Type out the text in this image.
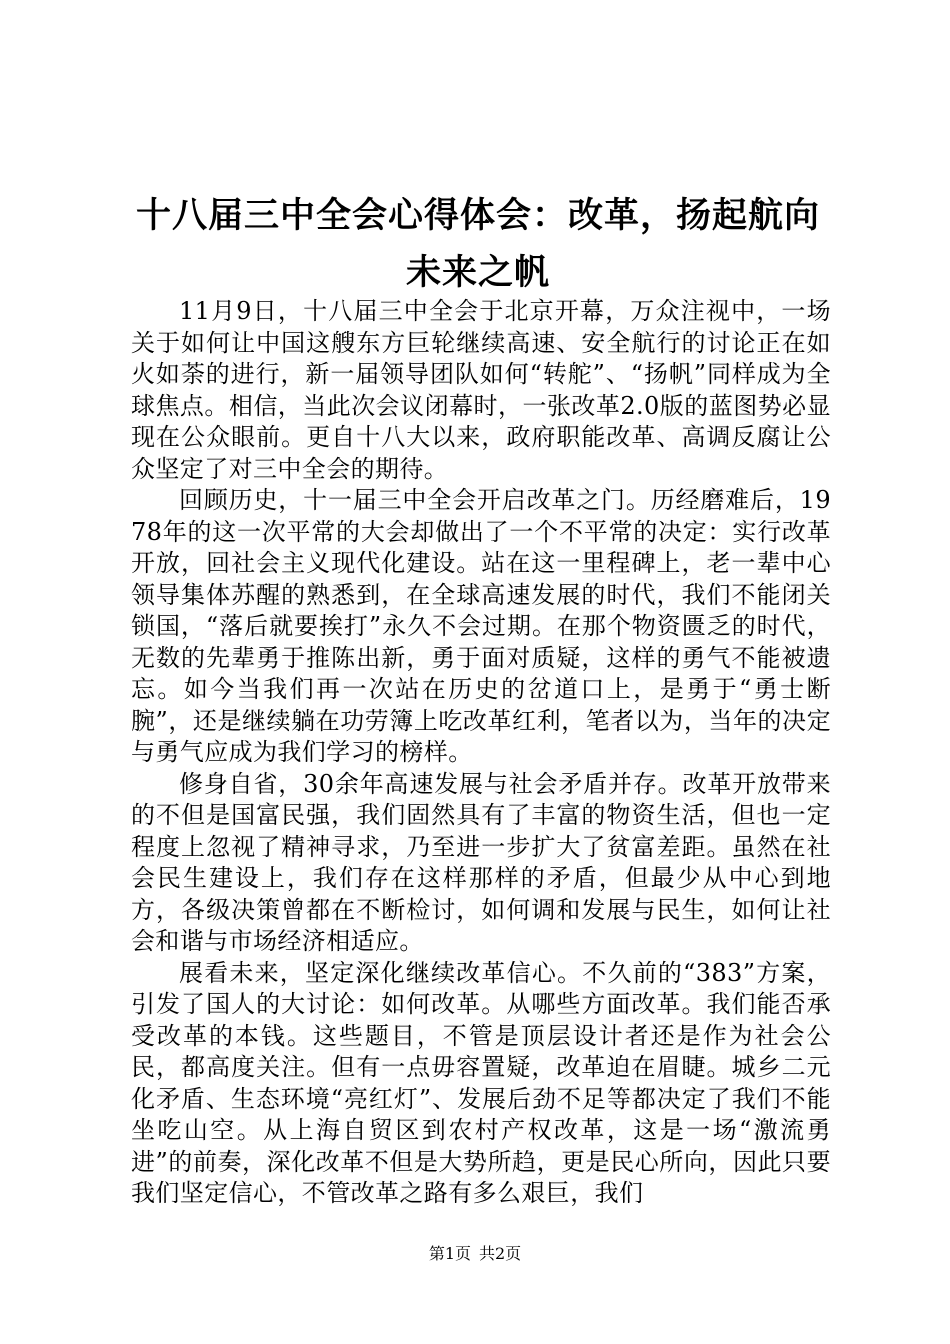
十八届三中全会心得体会：改革，扬起航向未来之帆

11月9日，十八届三中全会于北京开幕，万众注视中，一场关于如何让中国这艘东方巨轮继续高速、安全航行的讨论正在如火如荼的进行，新一届领导团队如何“转舵”、“扬帆”同样成为全球焦点。相信，当此次会议闭幕时，一张改革2.0版的蓝图势必显现在公众眼前。更自十八大以来，政府职能改革、高调反腐让公众坚定了对三中全会的期待。

回顾历史，十一届三中全会开启改革之门。历经磨难后，1978年的这一次平常的大会却做出了一个不平常的决定：实行改革开放，回社会主义现代化建设。站在这一里程碑上，老一辈中心领导集体苏醒的熟悉到，在全球高速发展的时代，我们不能闭关锁国，“落后就要挨打”永久不会过期。在那个物资匮乏的时代，无数的先辈勇于推陈出新，勇于面对质疑，这样的勇气不能被遗忘。如今当我们再一次站在历史的岔道口上，是勇于“勇士断腕”，还是继续躺在功劳簿上吃改革红利，笔者以为，当年的决定与勇气应成为我们学习的榜样。

修身自省，30余年高速发展与社会矛盾并存。改革开放带来的不但是国富民强，我们固然具有了丰富的物资生活，但也一定程度上忽视了精神寻求，乃至进一步扩大了贫富差距。虽然在社会民生建设上，我们存在这样那样的矛盾，但最少从中心到地方，各级决策曾都在不断检讨，如何调和发展与民生，如何让社会和谐与市场经济相适应。

展看未来，坚定深化继续改革信心。不久前的“383”方案，引发了国人的大讨论：如何改革。从哪些方面改革。我们能否承受改革的本钱。这些题目，不管是顶层设计者还是作为社会公民，都高度关注。但有一点毋容置疑，改革迫在眉睫。城乡二元化矛盾、生态环境“亮红灯”、发展后劲不足等都决定了我们不能坐吃山空。从上海自贸区到农村产权改革，这是一场“激流勇进”的前奏，深化改革不但是大势所趋，更是民心所向，因此只要我们坚定信心，不管改革之路有多么艰巨，我们

第1页 共2页
